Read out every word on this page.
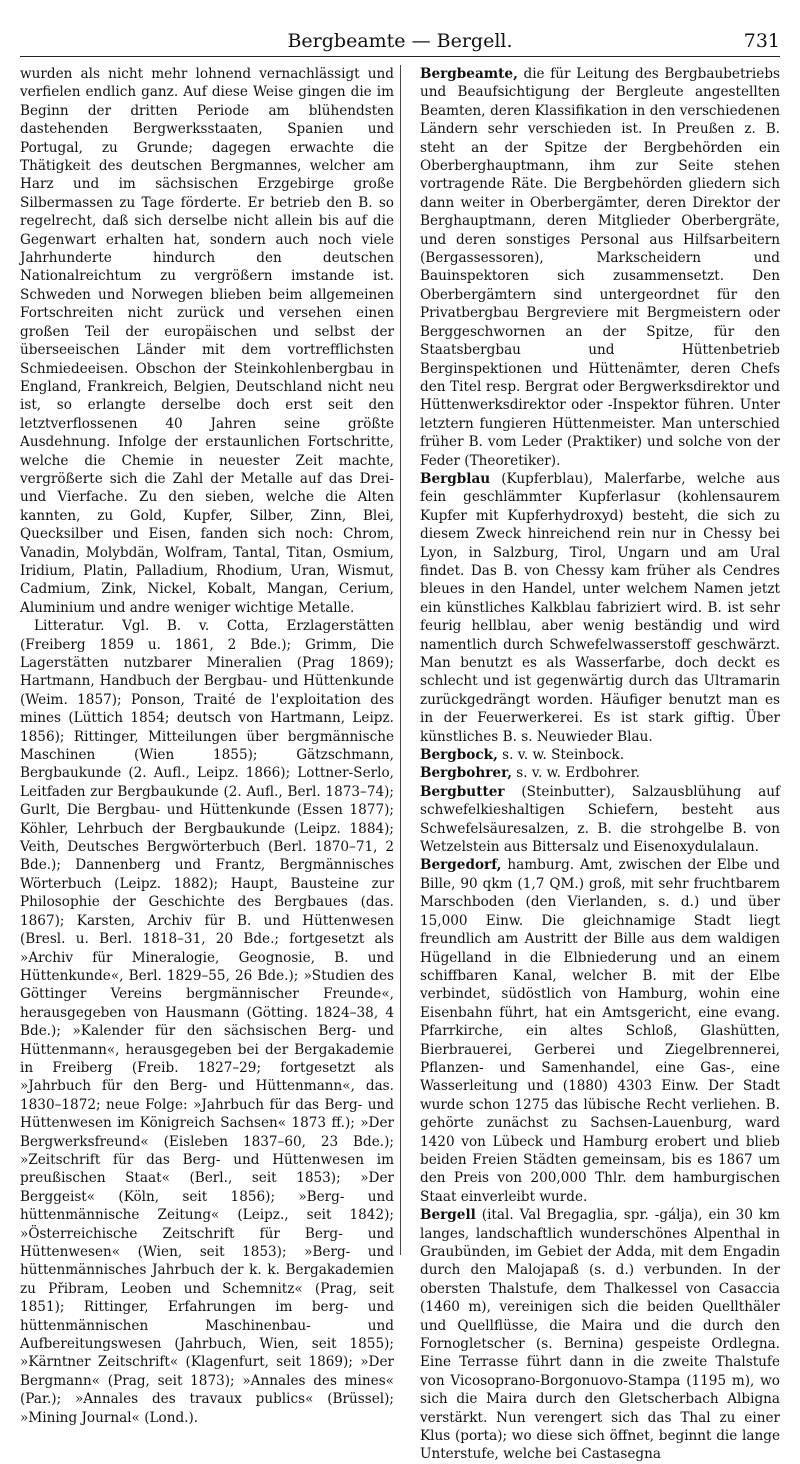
Bergbeamte — Bergell.	731

wurden als nicht mehr lohnend vernachlässigt und verfielen endlich ganz. Auf diese Weise gingen die im Beginn der dritten Periode am blühendsten dastehenden Bergwerksstaaten, Spanien und Portugal, zu Grunde; dagegen erwachte die Thätigkeit des deutschen Bergmannes, welcher am Harz und im sächsischen Erzgebirge große Silbermassen zu Tage förderte. Er betrieb den B. so regelrecht, daß sich derselbe nicht allein bis auf die Gegenwart erhalten hat, sondern auch noch viele Jahrhunderte hindurch den deutschen Nationalreichtum zu vergrößern imstande ist. Schweden und Norwegen blieben beim allgemeinen Fortschreiten nicht zurück und versehen einen großen Teil der europäischen und selbst der überseeischen Länder mit dem vortrefflichsten Schmiedeeisen. Obschon der Steinkohlenbergbau in England, Frankreich, Belgien, Deutschland nicht neu ist, so erlangte derselbe doch erst seit den letztverflossenen 40 Jahren seine größte Ausdehnung. Infolge der erstaunlichen Fortschritte, welche die Chemie in neuester Zeit machte, vergrößerte sich die Zahl der Metalle auf das Drei- und Vierfache. Zu den sieben, welche die Alten kannten, zu Gold, Kupfer, Silber, Zinn, Blei, Quecksilber und Eisen, fanden sich noch: Chrom, Vanadin, Molybdän, Wolfram, Tantal, Titan, Osmium, Iridium, Platin, Palladium, Rhodium, Uran, Wismut, Cadmium, Zink, Nickel, Kobalt, Mangan, Cerium, Aluminium und andre weniger wichtige Metalle.

Litteratur. Vgl. B. v. Cotta, Erzlagerstätten (Freiberg 1859 u. 1861, 2 Bde.); Grimm, Die Lagerstätten nutzbarer Mineralien (Prag 1869); Hartmann, Handbuch der Bergbau- und Hüttenkunde (Weim. 1857); Ponson, Traité de l'exploitation des mines (Lüttich 1854; deutsch von Hartmann, Leipz. 1856); Rittinger, Mitteilungen über bergmännische Maschinen (Wien 1855); Gätzschmann, Bergbaukunde (2. Aufl., Leipz. 1866); Lottner-Serlo, Leitfaden zur Bergbaukunde (2. Aufl., Berl. 1873–74); Gurlt, Die Bergbau- und Hüttenkunde (Essen 1877); Köhler, Lehrbuch der Bergbaukunde (Leipz. 1884); Veith, Deutsches Bergwörterbuch (Berl. 1870–71, 2 Bde.); Dannenberg und Frantz, Bergmännisches Wörterbuch (Leipz. 1882); Haupt, Bausteine zur Philosophie der Geschichte des Bergbaues (das. 1867); Karsten, Archiv für B. und Hüttenwesen (Bresl. u. Berl. 1818–31, 20 Bde.; fortgesetzt als »Archiv für Mineralogie, Geognosie, B. und Hüttenkunde«, Berl. 1829–55, 26 Bde.); »Studien des Göttinger Vereins bergmännischer Freunde«, herausgegeben von Hausmann (Götting. 1824–38, 4 Bde.); »Kalender für den sächsischen Berg- und Hüttenmann«, herausgegeben bei der Bergakademie in Freiberg (Freib. 1827–29; fortgesetzt als »Jahrbuch für den Berg- und Hüttenmann«, das. 1830–1872; neue Folge: »Jahrbuch für das Berg- und Hüttenwesen im Königreich Sachsen« 1873 ff.); »Der Bergwerksfreund« (Eisleben 1837–60, 23 Bde.); »Zeitschrift für das Berg- und Hüttenwesen im preußischen Staat« (Berl., seit 1853); »Der Berggeist« (Köln, seit 1856); »Berg- und hüttenmännische Zeitung« (Leipz., seit 1842); »Österreichische Zeitschrift für Berg- und Hüttenwesen« (Wien, seit 1853); »Berg- und hüttenmännisches Jahrbuch der k. k. Bergakademien zu Přibram, Leoben und Schemnitz« (Prag, seit 1851); Rittinger, Erfahrungen im berg- und hüttenmännischen Maschinenbau- und Aufbereitungswesen (Jahrbuch, Wien, seit 1855); »Kärntner Zeitschrift« (Klagenfurt, seit 1869); »Der Bergmann« (Prag, seit 1873); »Annales des mines« (Par.); »Annales des travaux publics« (Brüssel); »Mining Journal« (Lond.).

Bergbeamte, die für Leitung des Bergbaubetriebs und Beaufsichtigung der Bergleute angestellten Beamten, deren Klassifikation in den verschiedenen Ländern sehr verschieden ist. In Preußen z. B. steht an der Spitze der Bergbehörden ein Oberberghauptmann, ihm zur Seite stehen vortragende Räte. Die Bergbehörden gliedern sich dann weiter in Oberbergämter, deren Direktor der Berghauptmann, deren Mitglieder Oberbergräte, und deren sonstiges Personal aus Hilfsarbeitern (Bergassessoren), Markscheidern und Bauinspektoren sich zusammensetzt. Den Oberbergämtern sind untergeordnet für den Privatbergbau Bergreviere mit Bergmeistern oder Berggeschwornen an der Spitze, für den Staatsbergbau und Hüttenbetrieb Berginspektionen und Hüttenämter, deren Chefs den Titel resp. Bergrat oder Bergwerksdirektor und Hüttenwerksdirektor oder -Inspektor führen. Unter letztern fungieren Hüttenmeister. Man unterschied früher B. vom Leder (Praktiker) und solche von der Feder (Theoretiker).

Bergblau (Kupferblau), Malerfarbe, welche aus fein geschlämmter Kupferlasur (kohlensaurem Kupfer mit Kupferhydroxyd) besteht, die sich zu diesem Zweck hinreichend rein nur in Chessy bei Lyon, in Salzburg, Tirol, Ungarn und am Ural findet. Das B. von Chessy kam früher als Cendres bleues in den Handel, unter welchem Namen jetzt ein künstliches Kalkblau fabriziert wird. B. ist sehr feurig hellblau, aber wenig beständig und wird namentlich durch Schwefelwasserstoff geschwärzt. Man benutzt es als Wasserfarbe, doch deckt es schlecht und ist gegenwärtig durch das Ultramarin zurückgedrängt worden. Häufiger benutzt man es in der Feuerwerkerei. Es ist stark giftig. Über künstliches B. s. Neuwieder Blau.

Bergbock, s. v. w. Steinbock.

Bergbohrer, s. v. w. Erdbohrer.

Bergbutter (Steinbutter), Salzausblühung auf schwefelkieshaltigen Schiefern, besteht aus Schwefelsäuresalzen, z. B. die strohgelbe B. von Wetzelstein aus Bittersalz und Eisenoxydulalaun.

Bergedorf, hamburg. Amt, zwischen der Elbe und Bille, 90 qkm (1,7 QM.) groß, mit sehr fruchtbarem Marschboden (den Vierlanden, s. d.) und über 15,000 Einw. Die gleichnamige Stadt liegt freundlich am Austritt der Bille aus dem waldigen Hügelland in die Elbniederung und an einem schiffbaren Kanal, welcher B. mit der Elbe verbindet, südöstlich von Hamburg, wohin eine Eisenbahn führt, hat ein Amtsgericht, eine evang. Pfarrkirche, ein altes Schloß, Glashütten, Bierbrauerei, Gerberei und Ziegelbrennerei, Pflanzen- und Samenhandel, eine Gas-, eine Wasserleitung und (1880) 4303 Einw. Der Stadt wurde schon 1275 das lübische Recht verliehen. B. gehörte zunächst zu Sachsen-Lauenburg, ward 1420 von Lübeck und Hamburg erobert und blieb beiden Freien Städten gemeinsam, bis es 1867 um den Preis von 200,000 Thlr. dem hamburgischen Staat einverleibt wurde.

Bergell (ital. Val Bregaglia, spr. -gálja), ein 30 km langes, landschaftlich wunderschönes Alpenthal in Graubünden, im Gebiet der Adda, mit dem Engadin durch den Malojapaß (s. d.) verbunden. In der obersten Thalstufe, dem Thalkessel von Casaccia (1460 m), vereinigen sich die beiden Quellthäler und Quellflüsse, die Maira und die durch den Fornogletscher (s. Bernina) gespeiste Ordlegna. Eine Terrasse führt dann in die zweite Thalstufe von Vicosoprano-Borgonuovo-Stampa (1195 m), wo sich die Maira durch den Gletscherbach Albigna verstärkt. Nun verengert sich das Thal zu einer Klus (porta); wo diese sich öffnet, beginnt die lange Unterstufe, welche bei Castasegna
